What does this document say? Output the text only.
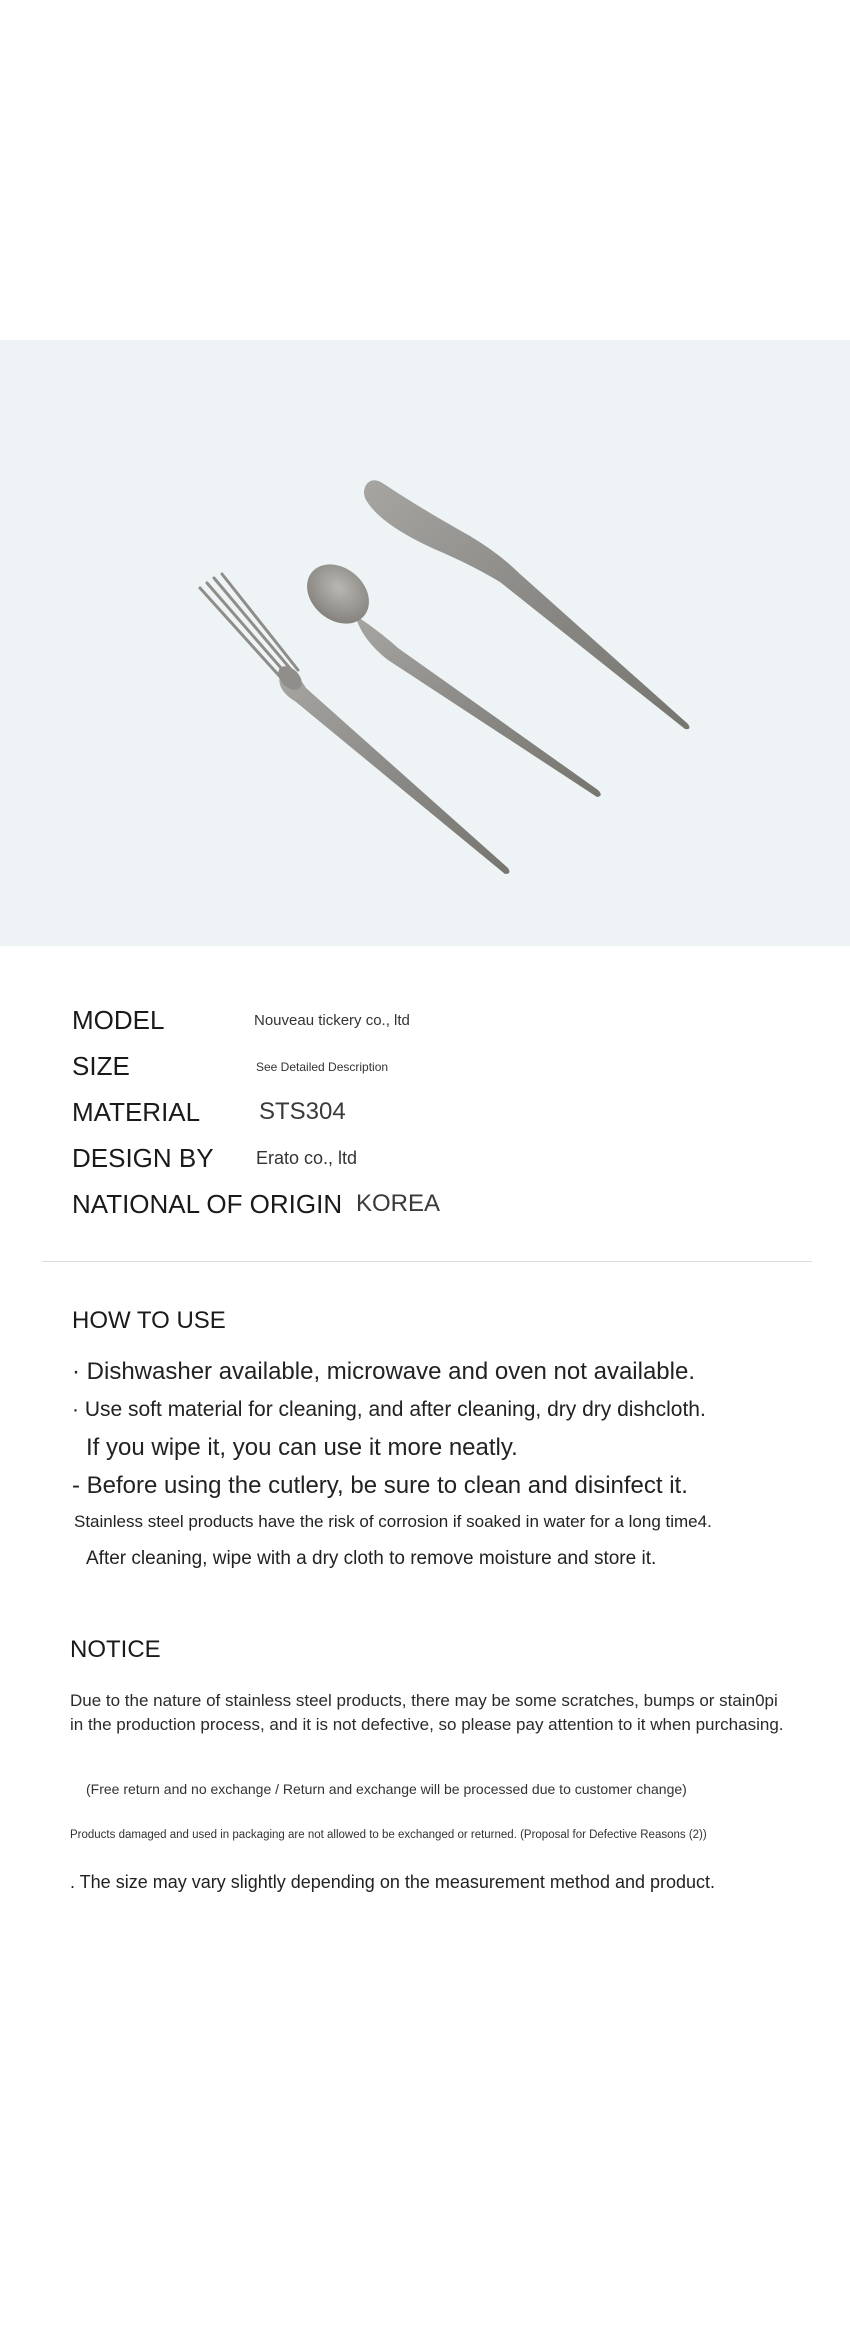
MODEL	Nouveau tickery co., ltd
SIZE	See Detailed Description
MATERIAL STS304
DESIGN BY Erato co., ltd
NATIONAL OF ORIGIN KOREA
HOW TO USE
· Dishwasher available, microwave and oven not available.
· Use soft material for cleaning, and after cleaning, dry dry dishcloth.
If you wipe it, you can use it more neatly.
- Before using the cutlery, be sure to clean and disinfect it.
Stainless steel products have the risk of corrosion if soaked in water for a long time4.
After cleaning, wipe with a dry cloth to remove moisture and store it.
NOTICE
Due to the nature of stainless steel products, there may be some scratches, bumps or stain0pi in the production process, and it is not defective, so please pay attention to it when purchasing.
(Free return and no exchange / Return and exchange will be processed due to customer change)
Products damaged and used in packaging are not allowed to be exchanged or returned. (Proposal for Defective Reasons (2))
. The size may vary slightly depending on the measurement method and product.
